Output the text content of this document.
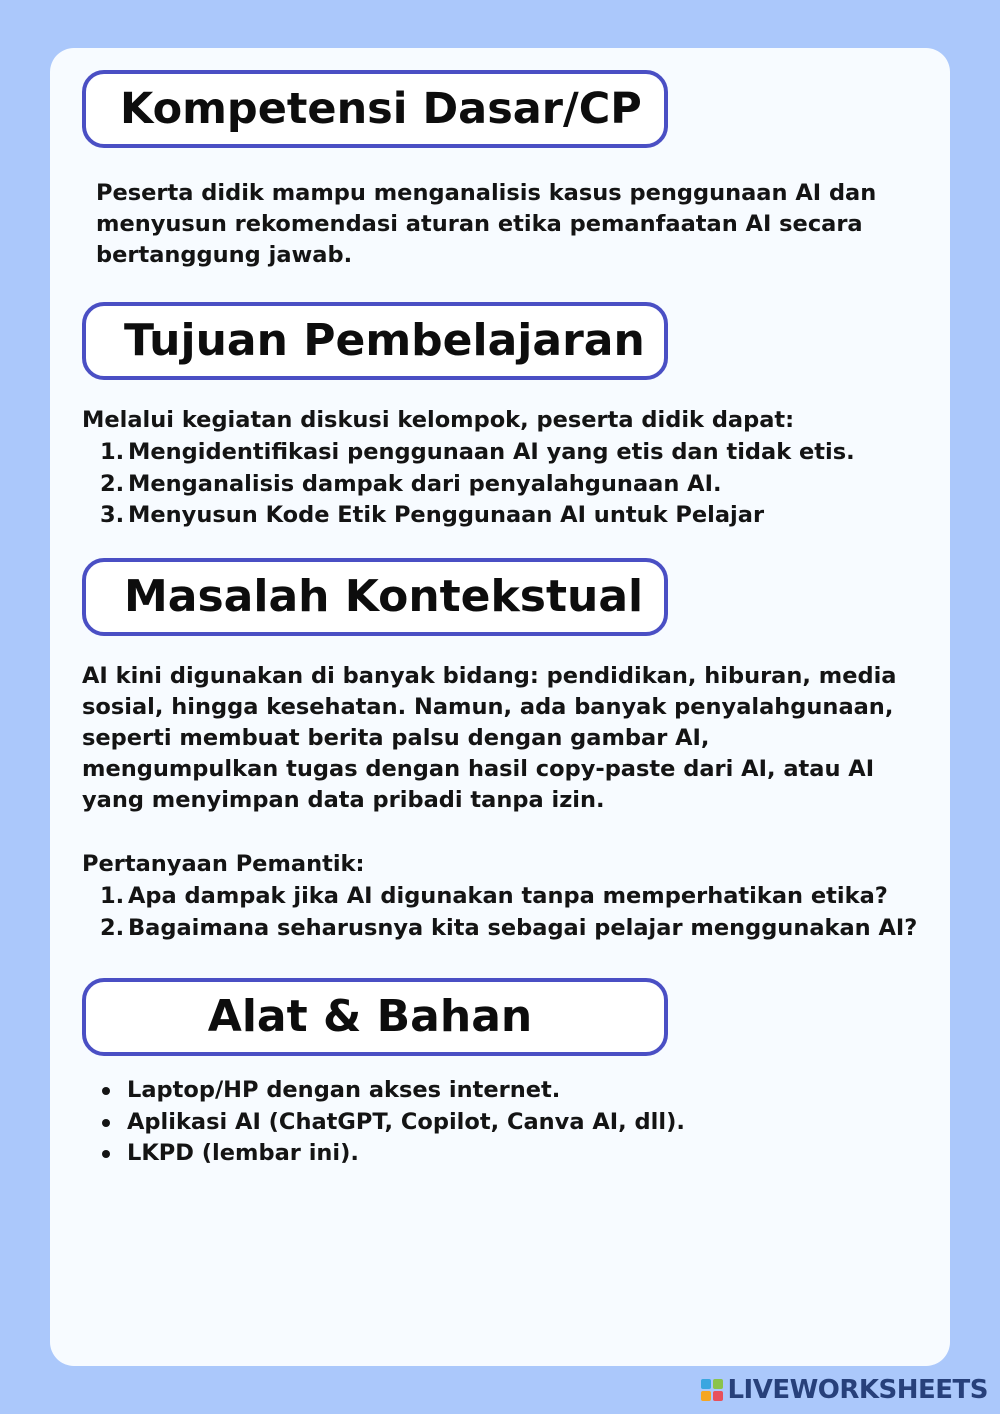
Kompetensi Dasar/CP

Peserta didik mampu menganalisis kasus penggunaan AI dan menyusun rekomendasi aturan etika pemanfaatan AI secara bertanggung jawab.

Tujuan Pembelajaran

Melalui kegiatan diskusi kelompok, peserta didik dapat:

1. Mengidentifikasi penggunaan AI yang etis dan tidak etis.
2. Menganalisis dampak dari penyalahgunaan AI.
3. Menyusun Kode Etik Penggunaan AI untuk Pelajar
Masalah Kontekstual

AI kini digunakan di banyak bidang: pendidikan, hiburan, media sosial, hingga kesehatan. Namun, ada banyak penyalahgunaan, seperti membuat berita palsu dengan gambar AI, mengumpulkan tugas dengan hasil copy-paste dari AI, atau AI yang menyimpan data pribadi tanpa izin.

Pertanyaan Pemantik:

1. Apa dampak jika AI digunakan tanpa memperhatikan etika?
2. Bagaimana seharusnya kita sebagai pelajar menggunakan AI?
Alat & Bahan
Laptop/HP dengan akses internet.
Aplikasi AI (ChatGPT, Copilot, Canva AI, dll).
LKPD (lembar ini).
LIVEWORKSHEETS
